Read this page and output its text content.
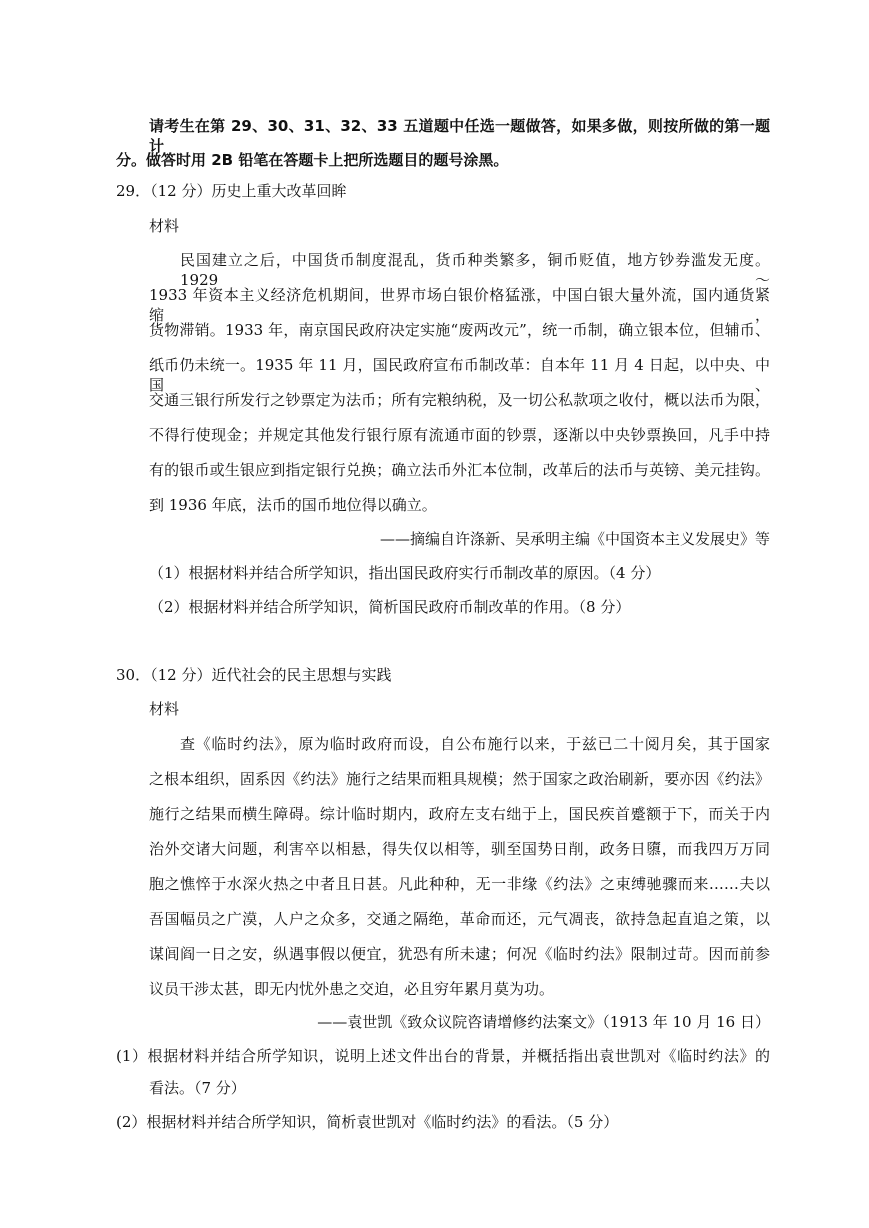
请考生在第 29、30、31、32、33 五道题中任选一题做答，如果多做，则按所做的第一题计
分。做答时用 2B 铅笔在答题卡上把所选题目的题号涂黑。
29．（12 分）历史上重大改革回眸
材料
民国建立之后，中国货币制度混乱，货币种类繁多，铜币贬值，地方钞券滥发无度。1929～
1933 年资本主义经济危机期间，世界市场白银价格猛涨，中国白银大量外流，国内通货紧缩，
货物滞销。1933 年，南京国民政府决定实施“废两改元”，统一币制，确立银本位，但辅币、
纸币仍未统一。1935 年 11 月，国民政府宣布币制改革：自本年 11 月 4 日起，以中央、中国、
交通三银行所发行之钞票定为法币；所有完粮纳税，及一切公私款项之收付，概以法币为限，
不得行使现金；并规定其他发行银行原有流通市面的钞票，逐渐以中央钞票换回，凡手中持
有的银币或生银应到指定银行兑换；确立法币外汇本位制，改革后的法币与英镑、美元挂钩。
到 1936 年底，法币的国币地位得以确立。
——摘编自许涤新、吴承明主编《中国资本主义发展史》等
（1）根据材料并结合所学知识，指出国民政府实行币制改革的原因。（4 分）
（2）根据材料并结合所学知识，简析国民政府币制改革的作用。（8 分）
30．（12 分）近代社会的民主思想与实践
材料
查《临时约法》，原为临时政府而设，自公布施行以来，于兹已二十阅月矣，其于国家
之根本组织，固系因《约法》施行之结果而粗具规模；然于国家之政治刷新，要亦因《约法》
施行之结果而横生障碍。综计临时期内，政府左支右绌于上，国民疾首蹙额于下，而关于内
治外交诸大问题，利害卒以相悬，得失仅以相等，驯至国势日削，政务日隳，而我四万万同
胞之憔悴于水深火热之中者且日甚。凡此种种，无一非缘《约法》之束缚驰骤而来……夫以
吾国幅员之广漠，人户之众多，交通之隔绝，革命而还，元气凋丧，欲持急起直追之策，以
谋闾阎一日之安，纵遇事假以便宜，犹恐有所未逮；何况《临时约法》限制过苛。因而前参
议员干涉太甚，即无内忧外患之交迫，必且穷年累月莫为功。
——袁世凯《致众议院咨请增修约法案文》（1913 年 10 月 16 日）
(1）根据材料并结合所学知识，说明上述文件出台的背景，并概括指出袁世凯对《临时约法》的
看法。（7 分）
(2）根据材料并结合所学知识，简析袁世凯对《临时约法》的看法。（5 分）
